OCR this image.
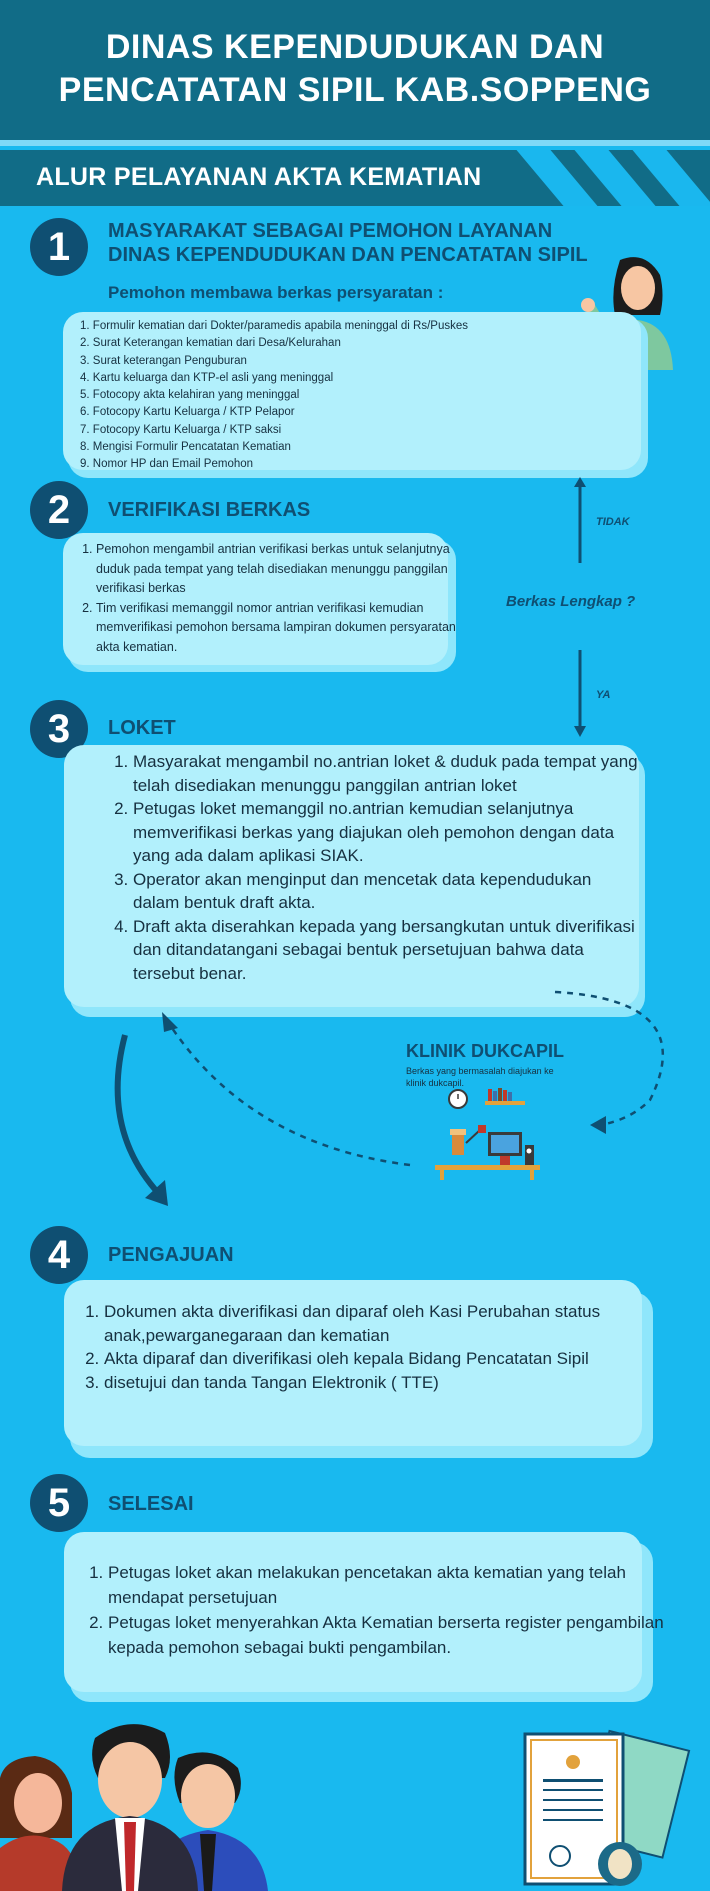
DINAS KEPENDUDUKAN DAN
PENCATATAN SIPIL KAB.SOPPENG
ALUR PELAYANAN AKTA KEMATIAN
1	MASYARAKAT SEBAGAI PEMOHON LAYANAN
DINAS KEPENDUDUKAN DAN PENCATATAN SIPIL
Pemohon membawa berkas persyaratan :
1. Formulir kematian dari Dokter/paramedis apabila meninggal di Rs/Puskes
2. Surat Keterangan kematian dari Desa/Kelurahan
3. Surat keterangan Penguburan
4. Kartu keluarga dan KTP-el asli yang meninggal
5. Fotocopy akta kelahiran yang meninggal
6. Fotocopy Kartu Keluarga / KTP Pelapor
7. Fotocopy Kartu Keluarga / KTP saksi
8. Mengisi Formulir Pencatatan Kematian
9. Nomor HP dan Email Pemohon
2	VERIFIKASI BERKAS
1. Pemohon mengambil antrian verifikasi berkas untuk selanjutnya duduk pada tempat yang telah disediakan menunggu panggilan verifikasi berkas
2. Tim verifikasi memanggil nomor antrian verifikasi kemudian memverifikasi pemohon bersama lampiran dokumen persyaratan akta kematian.
TIDAK
Berkas Lengkap ?
YA
3	LOKET
1. Masyarakat mengambil no.antrian loket & duduk pada tempat yang telah disediakan menunggu panggilan antrian loket
2. Petugas loket memanggil no.antrian kemudian selanjutnya memverifikasi berkas yang diajukan oleh pemohon dengan data yang ada dalam aplikasi SIAK.
3. Operator akan menginput dan mencetak data kependudukan dalam bentuk draft akta.
4. Draft akta diserahkan kepada yang bersangkutan untuk diverifikasi dan ditandatangani sebagai bentuk persetujuan bahwa data tersebut benar.
KLINIK DUKCAPIL
Berkas yang bermasalah diajukan ke
klinik dukcapil.
4	PENGAJUAN
1. Dokumen akta diverifikasi dan diparaf oleh Kasi Perubahan status anak,pewarganegaraan dan kematian
2. Akta diparaf dan diverifikasi oleh kepala Bidang Pencatatan Sipil
3. disetujui dan tanda Tangan Elektronik ( TTE)
5	SELESAI
1. Petugas loket akan melakukan pencetakan akta kematian yang telah mendapat persetujuan
2. Petugas loket menyerahkan Akta Kematian berserta register pengambilan kepada pemohon sebagai bukti pengambilan.
